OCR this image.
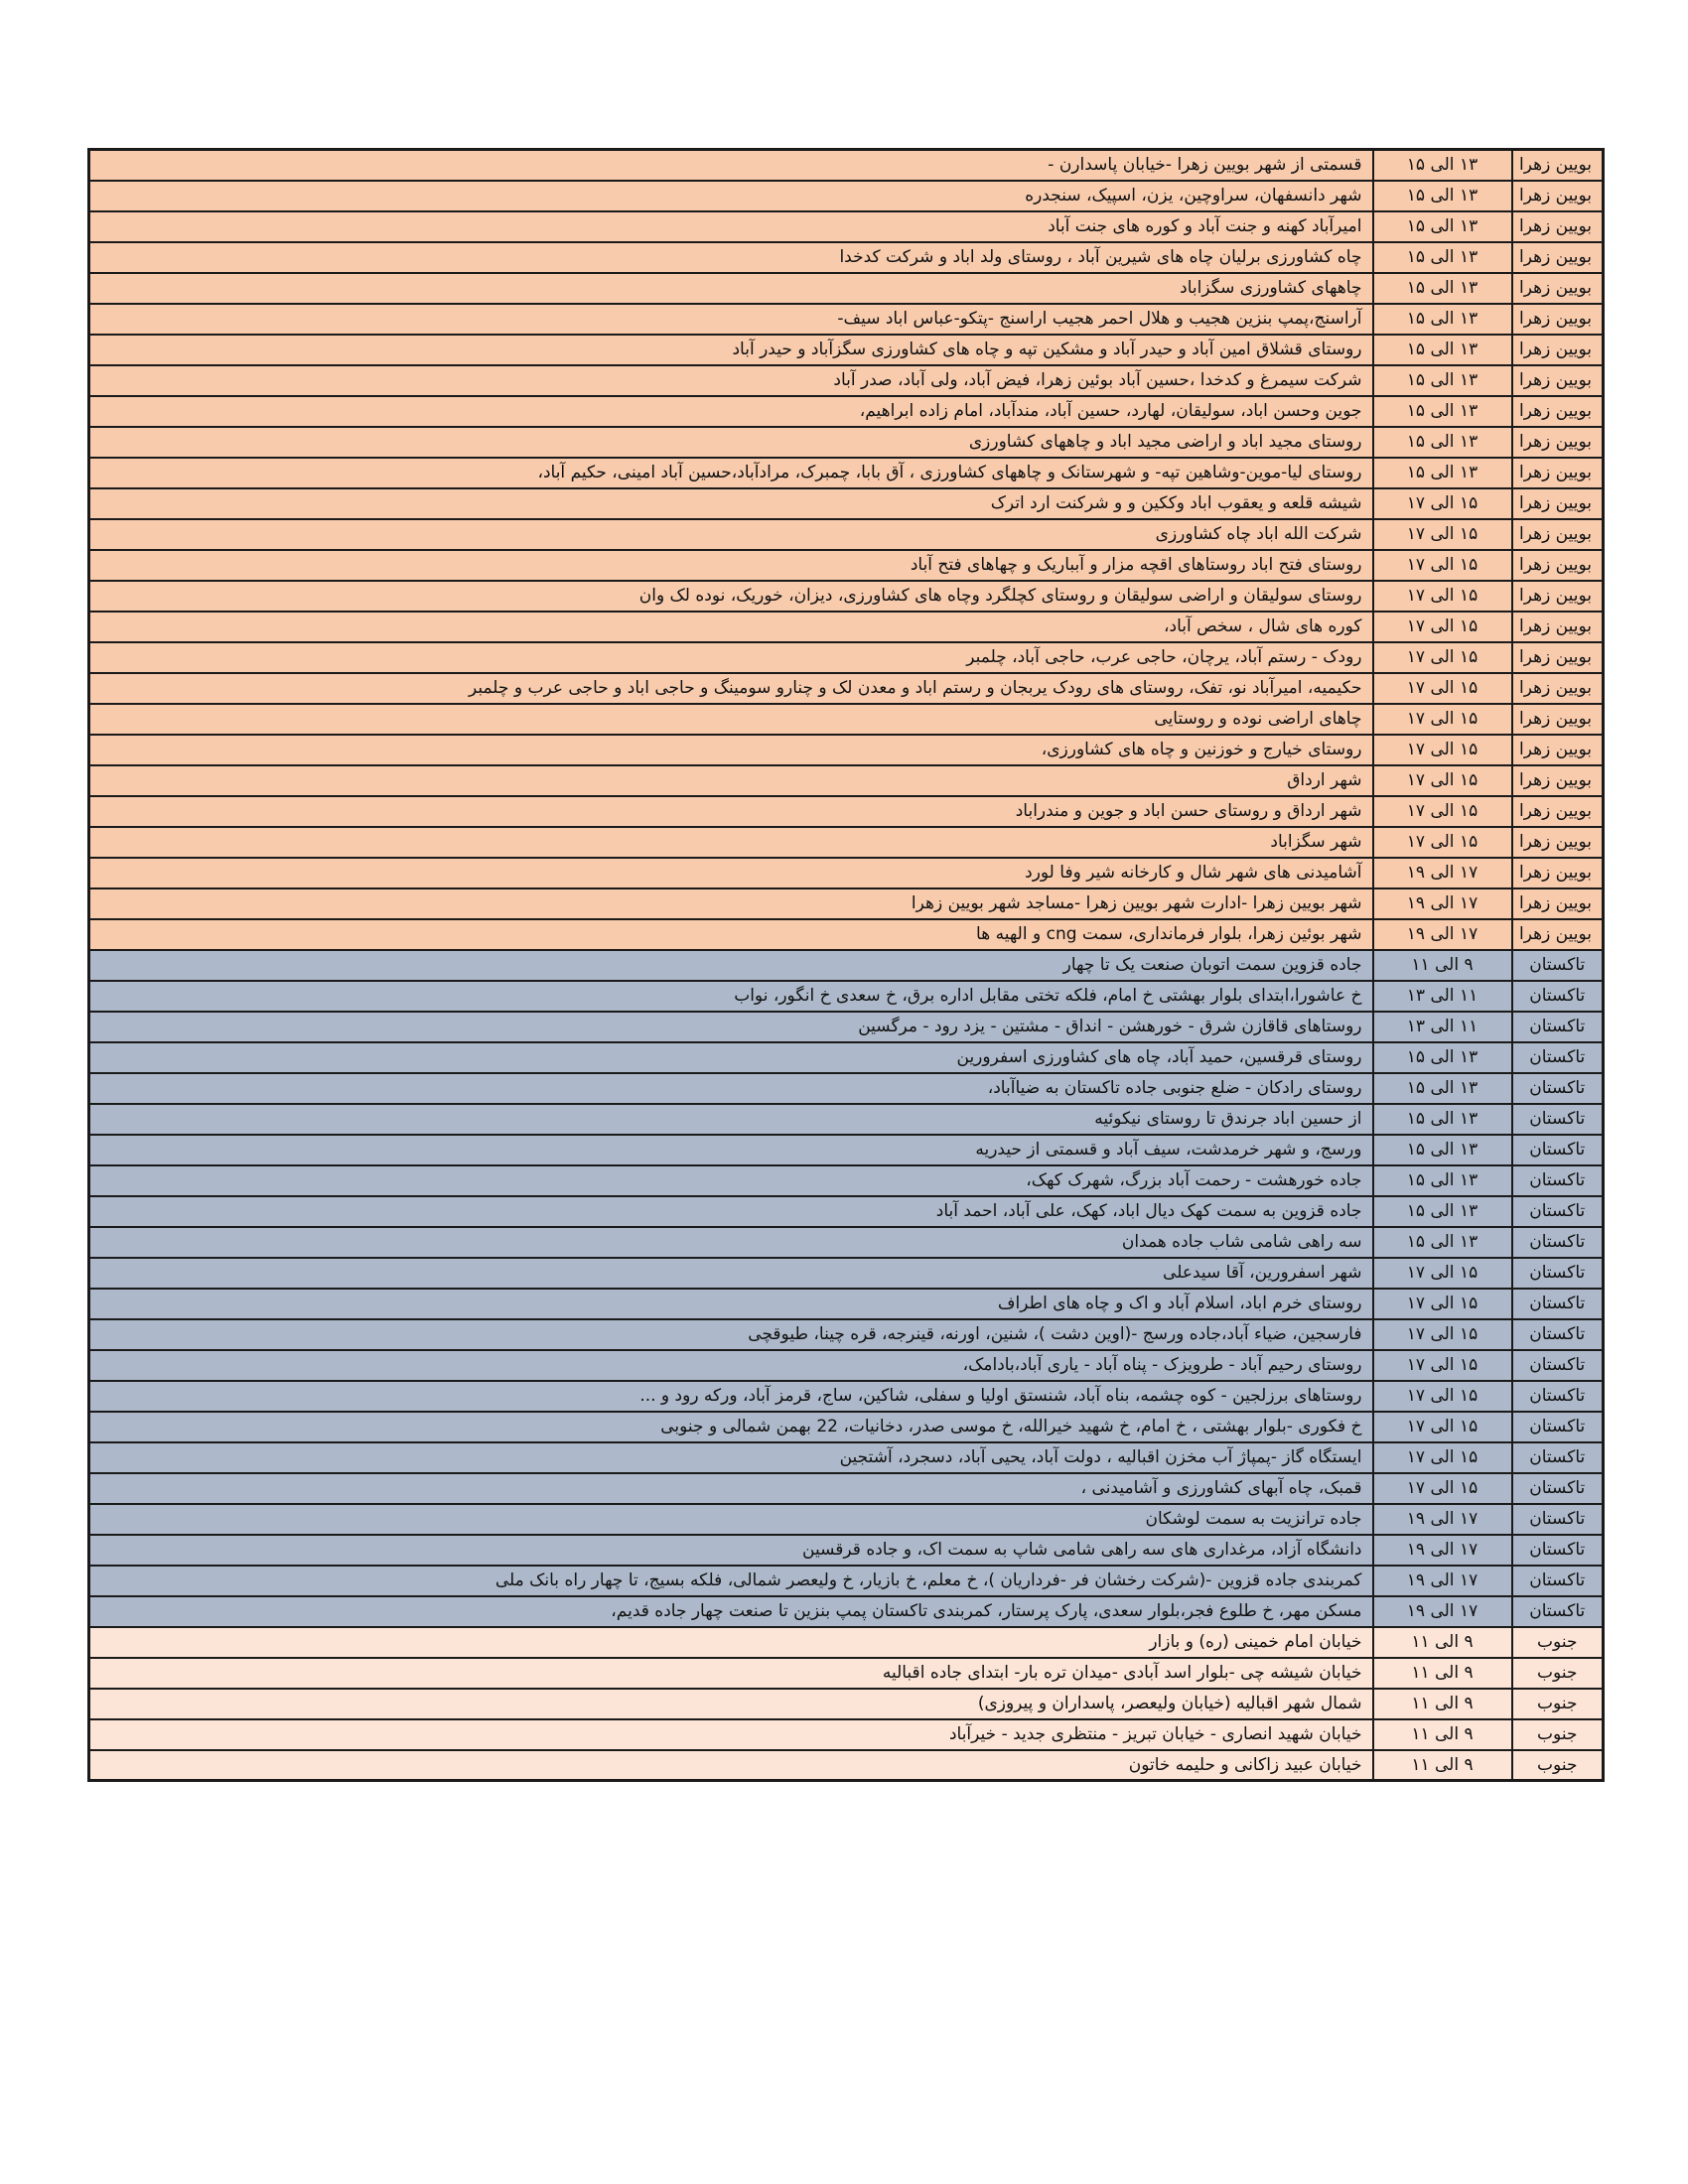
بویین زهرا	۱۳ الی ۱۵	قسمتی از شهر بویین زهرا -خیابان پاسدارن -
بویین زهرا	۱۳ الی ۱۵	شهر دانسفهان، سراوچین، یزن، اسپیک، سنجدره
بویین زهرا	۱۳ الی ۱۵	امیرآباد کهنه و جنت آباد و کوره های جنت آباد
بویین زهرا	۱۳ الی ۱۵	چاه کشاورزی برلیان چاه های شیرین آباد ، روستای ولد اباد و شرکت کدخدا
بویین زهرا	۱۳ الی ۱۵	چاههای کشاورزی سگزاباد
بویین زهرا	۱۳ الی ۱۵	آراسنج،پمپ بنزین هجیب و هلال احمر هجیب اراسنج -پتکو-عباس اباد سیف-
بویین زهرا	۱۳ الی ۱۵	روستای قشلاق امین آباد و حیدر آباد و مشکین تپه و چاه های کشاورزی سگزآباد و حیدر آباد
بویین زهرا	۱۳ الی ۱۵	شرکت سیمرغ و کدخدا ،حسین آباد بوئین زهرا، فیض آباد، ولی آباد، صدر آباد
بویین زهرا	۱۳ الی ۱۵	جوین وحسن اباد، سولیقان، لهارد، حسین آباد، مندآباد، امام زاده ابراهیم،
بویین زهرا	۱۳ الی ۱۵	روستای مجید اباد و اراضی مجید اباد و چاههای کشاورزی
بویین زهرا	۱۳ الی ۱۵	روستای لیا-موین-وشاهین تپه- و شهرستانک و چاههای کشاورزی ، آق بابا، چمبرک، مرادآباد،حسین آباد امینی، حکیم آباد،
بویین زهرا	۱۵ الی ۱۷	شیشه قلعه و یعقوب اباد وککین و و شرکنت ارد اترک
بویین زهرا	۱۵ الی ۱۷	شرکت الله اباد چاه کشاورزی
بویین زهرا	۱۵ الی ۱۷	روستای فتح اباد روستاهای اقچه مزار و آبباریک و چهاهای فتح آباد
بویین زهرا	۱۵ الی ۱۷	روستای سولیقان و اراضی سولیقان و روستای کچلگرد وچاه های کشاورزی، دیزان، خوریک، نوده لک وان
بویین زهرا	۱۵ الی ۱۷	کوره های شال ، سخص آباد،
بویین زهرا	۱۵ الی ۱۷	رودک - رستم آباد، یرچان، حاجی عرب، حاجی آباد، چلمبر
بویین زهرا	۱۵ الی ۱۷	حکیمیه، امیرآباد نو، تفک، روستای های رودک یربجان و رستم اباد و معدن لک و چنارو سومینگ و حاجی اباد و حاجی عرب و چلمبر
بویین زهرا	۱۵ الی ۱۷	چاهای اراضی نوده و روستایی
بویین زهرا	۱۵ الی ۱۷	روستای خیارج و خوزنین و چاه های کشاورزی،
بویین زهرا	۱۵ الی ۱۷	شهر ارداق
بویین زهرا	۱۵ الی ۱۷	شهر ارداق و روستای حسن اباد و جوین و مندراباد
بویین زهرا	۱۵ الی ۱۷	شهر سگزاباد
بویین زهرا	۱۷ الی ۱۹	آشامیدنی های شهر شال و کارخانه شیر وفا لورد
بویین زهرا	۱۷ الی ۱۹	شهر بویین زهرا -ادارت شهر بویین زهرا -مساجد شهر بویین زهرا
بویین زهرا	۱۷ الی ۱۹	شهر بوئین زهرا، بلوار فرمانداری، سمت cng و الهیه ها
تاکستان	۹ الی ۱۱	جاده قزوین سمت اتوبان صنعت یک تا چهار
تاکستان	۱۱ الی ۱۳	خ عاشورا،ابتدای بلوار بهشتی خ امام، فلکه تختی مقابل اداره برق، خ سعدی خ انگور، نواب
تاکستان	۱۱ الی ۱۳	روستاهای قاقازن شرق - خورهشن - انداق - مشتین - یزد رود - مرگسین
تاکستان	۱۳ الی ۱۵	روستای قرقسین، حمید آباد، چاه های کشاورزی اسفرورین
تاکستان	۱۳ الی ۱۵	روستای رادکان - ضلع جنوبی جاده تاکستان به ضیاآباد،
تاکستان	۱۳ الی ۱۵	از حسین اباد جرندق تا روستای نیکوئیه
تاکستان	۱۳ الی ۱۵	ورسج، و شهر خرمدشت، سیف آباد و قسمتی از حیدریه
تاکستان	۱۳ الی ۱۵	جاده خورهشت - رحمت آباد بزرگ، شهرک کهک،
تاکستان	۱۳ الی ۱۵	جاده قزوین به سمت کهک دیال اباد، کهک، علی آباد، احمد آباد
تاکستان	۱۳ الی ۱۵	سه راهی شامی شاب جاده همدان
تاکستان	۱۵ الی ۱۷	شهر اسفرورین، آقا سیدعلی
تاکستان	۱۵ الی ۱۷	روستای خرم اباد، اسلام آباد و اک و چاه های اطراف
تاکستان	۱۵ الی ۱۷	فارسجین، ضیاء آباد،جاده ورسج -(اوین دشت )، شنین، اورنه، قینرجه، قره چینا، طیوقچی
تاکستان	۱۵ الی ۱۷	روستای رحیم آباد - طرویزک - پناه آباد - یاری آباد،بادامک،
تاکستان	۱۵ الی ۱۷	روستاهای برزلجین - کوه چشمه، بناه آباد، شنستق اولیا و سفلی، شاکین، ساج، قرمز آباد، ورکه رود و ...
تاکستان	۱۵ الی ۱۷	خ فکوری -بلوار بهشتی ، خ امام، خ شهید خیرالله، خ موسی صدر، دخانیات، 22 بهمن شمالی و جنوبی
تاکستان	۱۵ الی ۱۷	ایستگاه گاز -پمپاژ آب مخزن اقبالیه ، دولت آباد، یحیی آباد، دسجرد، آشتجین
تاکستان	۱۵ الی ۱۷	قمبک، چاه آبهای کشاورزی و آشامیدنی ،
تاکستان	۱۷ الی ۱۹	جاده ترانزیت به سمت لوشکان
تاکستان	۱۷ الی ۱۹	دانشگاه آزاد، مرغداری های سه راهی شامی شاپ به سمت اک، و جاده قرقسین
تاکستان	۱۷ الی ۱۹	کمربندی جاده قزوین -(شرکت رخشان فر -فرداریان )، خ معلم، خ بازیار، خ ولیعصر شمالی، فلکه بسیج، تا چهار راه بانک ملی
تاکستان	۱۷ الی ۱۹	مسکن مهر، خ طلوع فجر،بلوار سعدی، پارک پرستار، کمربندی تاکستان پمپ بنزین تا صنعت چهار جاده قدیم،
جنوب	۹ الی ۱۱	خیابان امام خمینی (ره) و بازار
جنوب	۹ الی ۱۱	خیابان شیشه چی -بلوار اسد آبادی -میدان تره بار- ابتدای جاده اقبالیه
جنوب	۹ الی ۱۱	شمال شهر اقبالیه (خیابان ولیعصر، پاسداران و پیروزی)
جنوب	۹ الی ۱۱	خیابان شهید انصاری - خیابان تبریز - منتظری جدید - خیرآباد
جنوب	۹ الی ۱۱	خیابان عبید زاکانی و حلیمه خاتون
